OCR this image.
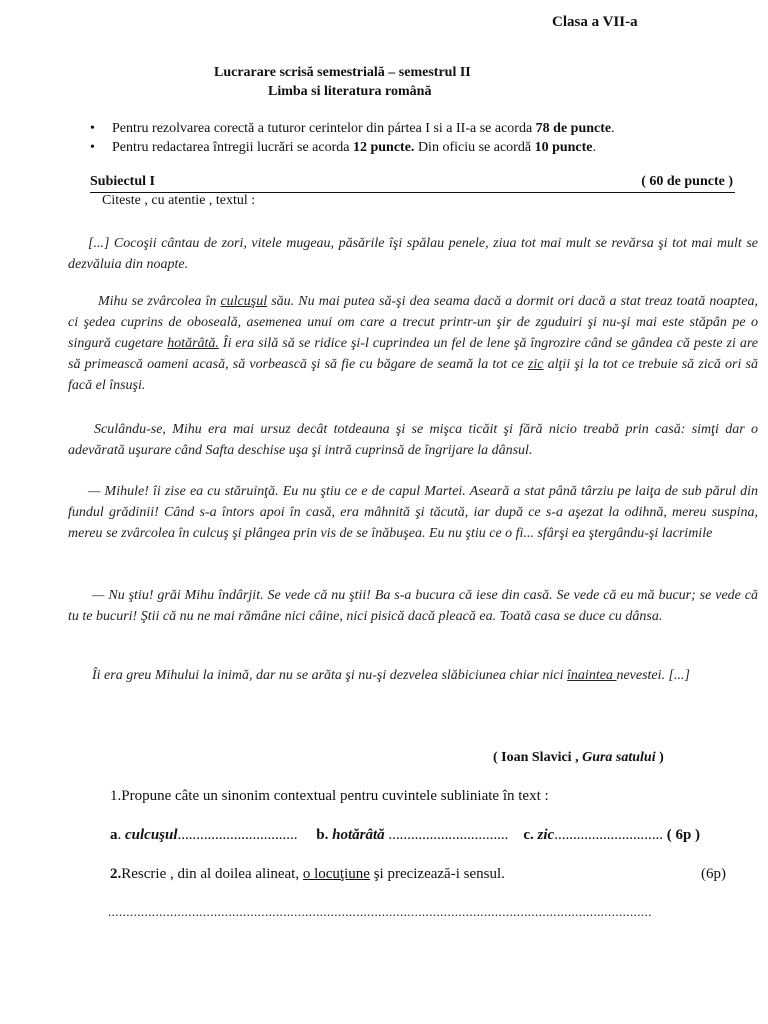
Clasa a VII-a
Lucrarare scrisă semestrială – semestrul II
Limba si literatura română
• Pentru rezolvarea corectă a tuturor cerintelor din pártea I si a II-a se acorda 78 de puncte.
• Pentru redactarea întregii lucrări se acorda 12 puncte. Din oficiu se acordă 10 puncte.
Subiectul I	( 60 de puncte )
Citeste , cu atentie , textul :
[...] Cocoşii cântau de zori, vitele mugeau, păsările îşi spălau penele, ziua tot mai mult se revărsa şi tot mai mult se dezvăluia din noapte.
Mihu se zvârcolea în culcuşul său. Nu mai putea să-şi dea seama dacă a dormit ori dacă a stat treaz toată noaptea, ci şedea cuprins de oboseală, asemenea unui om care a trecut printr-un şir de zguduiri şi nu-şi mai este stăpân pe o singură cugetare hotărâtă. Îi era silă să se ridice şi-l cuprindea un fel de lene şă îngrozire când se gândea că peste zi are să primească oameni acasă, să vorbească şi să fie cu băgare de seamă la tot ce zic alţii şi la tot ce trebuie să zică ori să facă el însuşi.
Sculându-se, Mihu era mai ursuz decât totdeauna şi se mişca ticăit şi fără nicio treabă prin casă: simţi dar o adevărată uşurare când Safta deschise uşa şi intră cuprinsă de îngrijare la dânsul.
— Mihule! îi zise ea cu stăruinţă. Eu nu ştiu ce e de capul Martei. Aseară a stat până târziu pe laiţa de sub părul din fundul grădinii! Când s-a întors apoi în casă, era mâhnită şi tăcută, iar după ce s-a aşezat la odihnă, mereu suspina, mereu se zvârcolea în culcuş şi plângea prin vis de se înăbuşea. Eu nu ştiu ce o fi... sfârşi ea ştergându-şi lacrimile
— Nu ştiu! grăi Mihu îndârjit. Se vede că nu ştii! Ba s-a bucura că iese din casă. Se vede că eu mă bucur; se vede că tu te bucuri! Ştii că nu ne mai rămâne nici câine, nici pisică dacă pleacă ea. Toată casa se duce cu dânsa.
Îi era greu Mihului la inimă, dar nu se arăta şi nu-şi dezvelea slăbiciunea chiar nici înaintea nevestei. [...]
( Ioan Slavici , Gura satului )
1.Propune câte un sinonim contextual pentru cuvintele subliniate în text :
a. culcuşul................................ b. hotărâtă ................................ c. zic............................. ( 6p )
2.Rescrie , din al doilea alineat, o locuţiune şi precizează-i sensul.	(6p)
.....................................................................................................................................................
